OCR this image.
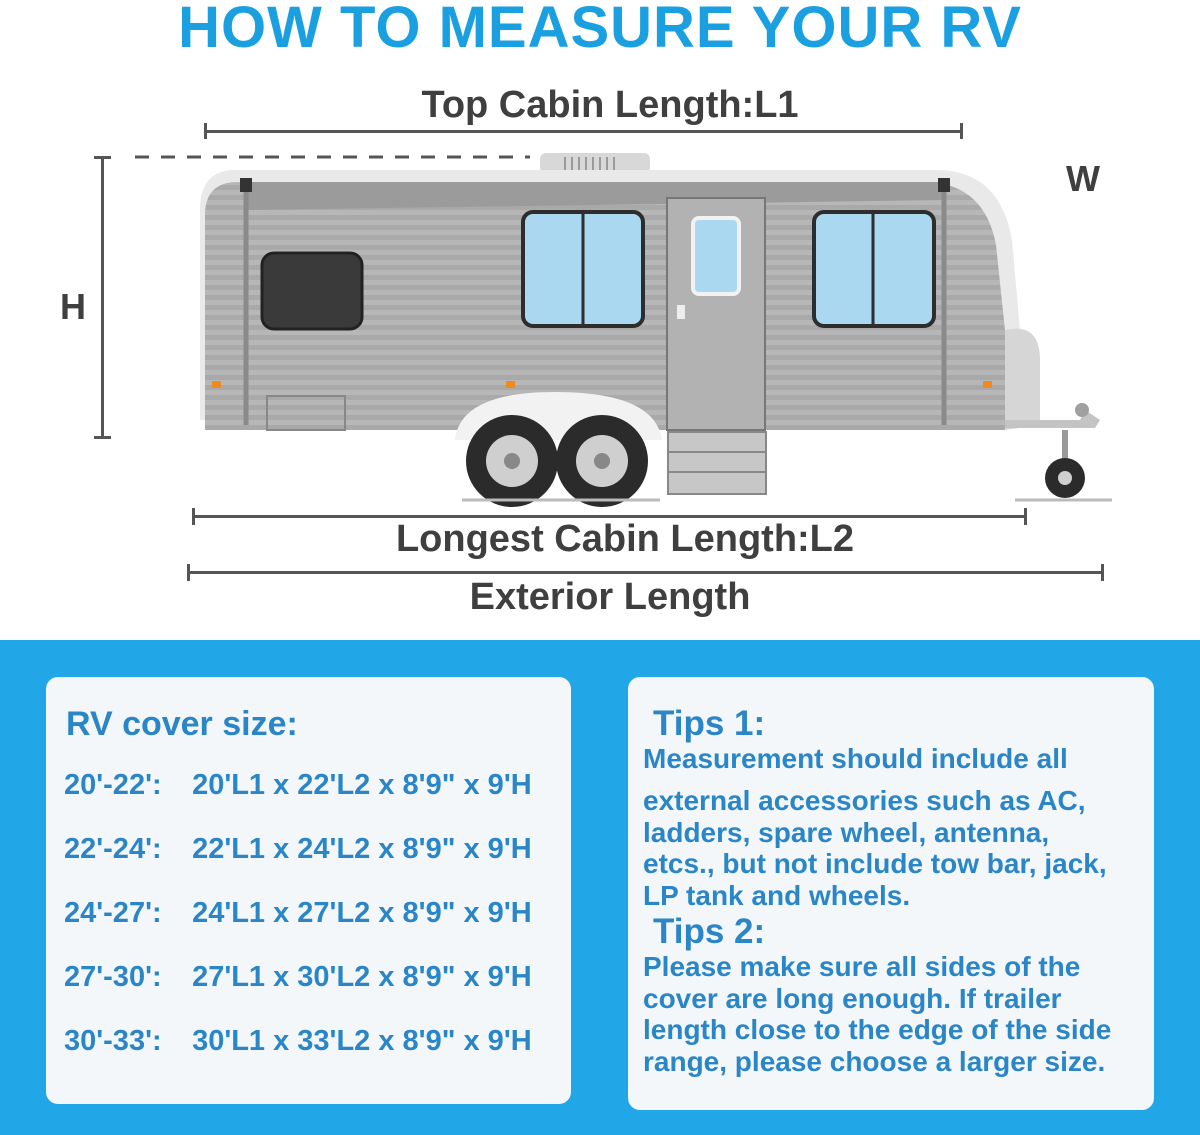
HOW TO MEASURE YOUR RV
Top Cabin Length:L1
W
H
Longest Cabin Length:L2
Exterior Length
RV cover size:
20'-22': 20'L1 x 22'L2 x 8'9" x 9'H
22'-24': 22'L1 x 24'L2 x 8'9" x 9'H
24'-27': 24'L1 x 27'L2 x 8'9" x 9'H
27'-30': 27'L1 x 30'L2 x 8'9" x 9'H
30'-33': 30'L1 x 33'L2 x 8'9" x 9'H
Tips 1:
Measurement should include all
external accessories such as AC,
ladders, spare wheel, antenna,
etcs., but not include tow bar, jack,
LP tank and wheels.
Tips 2:
Please make sure all sides of the
cover are long enough. If trailer
length close to the edge of the side
range, please choose a larger size.
